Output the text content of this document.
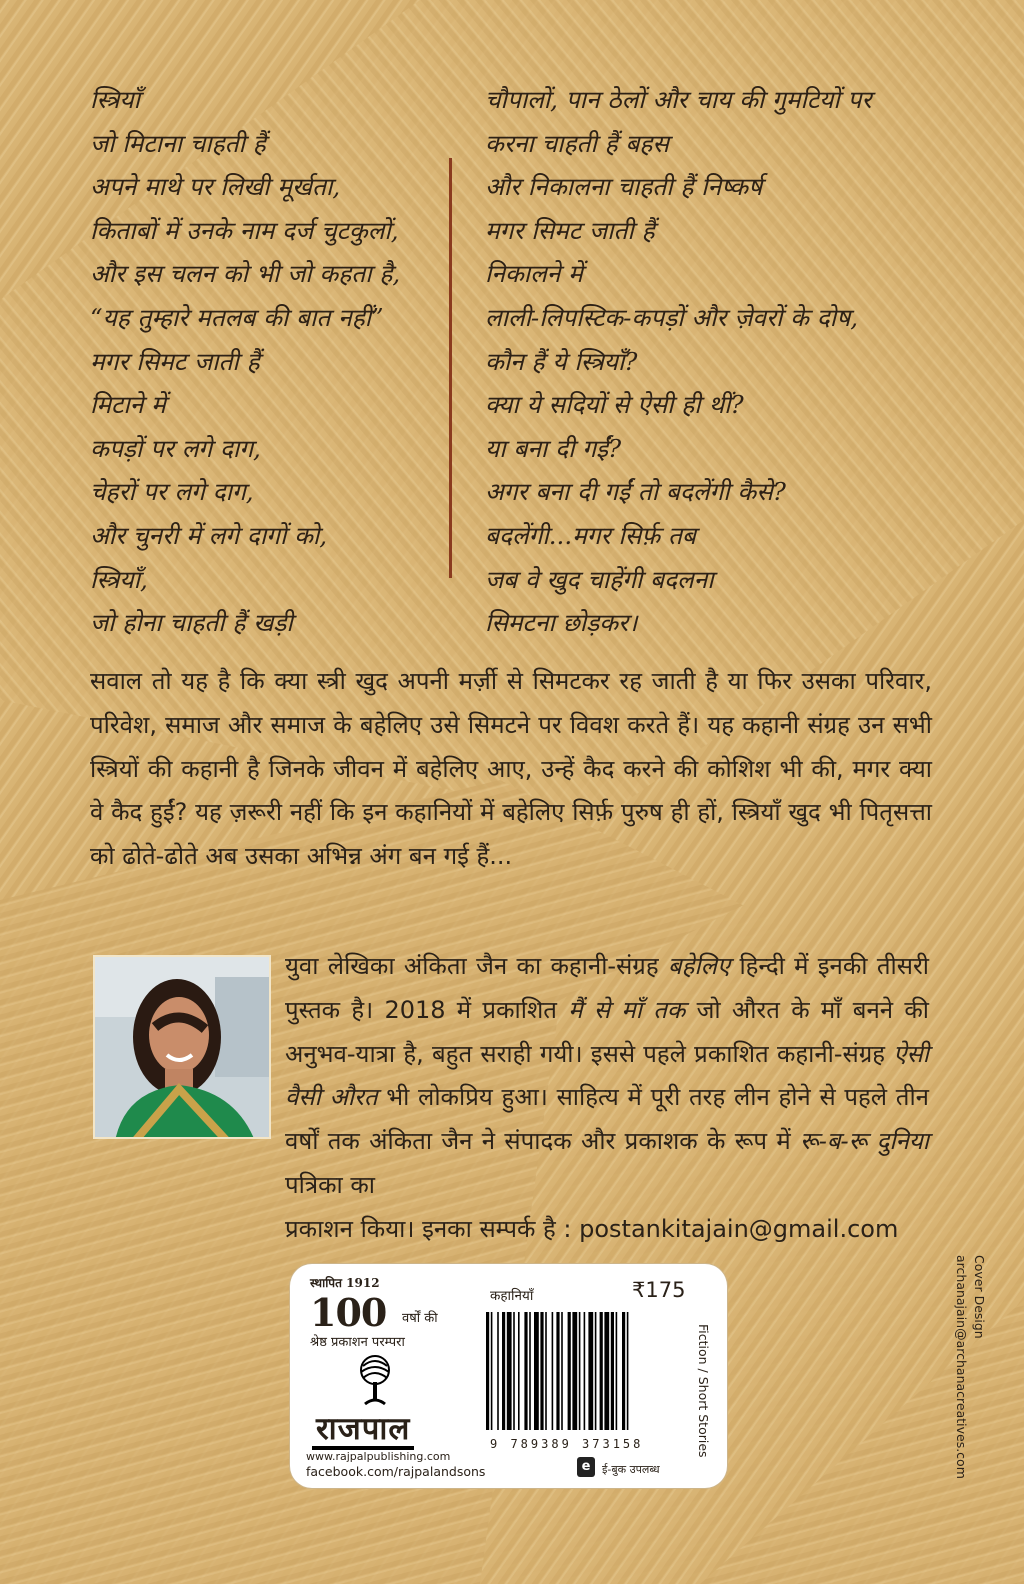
स्त्रियाँ
जो मिटाना चाहती हैं
अपने माथे पर लिखी मूर्खता,
किताबों में उनके नाम दर्ज चुटकुलों,
और इस चलन को भी जो कहता है,
“यह तुम्हारे मतलब की बात नहीं”
मगर सिमट जाती हैं
मिटाने में
कपड़ों पर लगे दाग,
चेहरों पर लगे दाग,
और चुनरी में लगे दागों को,
स्त्रियाँ,
जो होना चाहती हैं खड़ी
चौपालों, पान ठेलों और चाय की गुमटियों पर
करना चाहती हैं बहस
और निकालना चाहती हैं निष्कर्ष
मगर सिमट जाती हैं
निकालने में
लाली-लिपस्टिक-कपड़ों और ज़ेवरों के दोष,
कौन हैं ये स्त्रियाँ?
क्या ये सदियों से ऐसी ही थीं?
या बना दी गईं?
अगर बना दी गईं तो बदलेंगी कैसे?
बदलेंगी...मगर सिर्फ़ तब
जब वे खुद चाहेंगी बदलना
सिमटना छोड़कर।

सवाल तो यह है कि क्या स्त्री खुद अपनी मर्ज़ी से सिमटकर रह जाती है या फिर उसका परिवार, परिवेश, समाज और समाज के बहेलिए उसे सिमटने पर विवश करते हैं। यह कहानी संग्रह उन सभी स्त्रियों की कहानी है जिनके जीवन में बहेलिए आए, उन्हें कैद करने की कोशिश भी की, मगर क्या वे कैद हुईं? यह ज़रूरी नहीं कि इन कहानियों में बहेलिए सिर्फ़ पुरुष ही हों, स्त्रियाँ खुद भी पितृसत्ता को ढोते-ढोते अब उसका अभिन्न अंग बन गई हैं...

युवा लेखिका अंकिता जैन का कहानी-संग्रह बहेलिए हिन्दी में इनकी तीसरी पुस्तक है। 2018 में प्रकाशित मैं से माँ तक जो औरत के माँ बनने की अनुभव-यात्रा है, बहुत सराही गयी। इससे पहले प्रकाशित कहानी-संग्रह ऐसी वैसी औरत भी लोकप्रिय हुआ। साहित्य में पूरी तरह लीन होने से पहले तीन वर्षों तक अंकिता जैन ने संपादक और प्रकाशक के रूप में रू-ब-रू दुनिया पत्रिका का
प्रकाशन किया। इनका सम्पर्क है : postankitajain@gmail.com

Cover Design
archanajain@archanacreatives.com
स्थापित 1912
100 वर्षों की
श्रेष्ठ प्रकाशन परम्परा
राजपाल
www.rajpalpublishing.com
facebook.com/rajpalandsons
कहानियाँ	₹175
9 789389 373158
e	ई-बुक उपलब्ध
Fiction / Short Stories
